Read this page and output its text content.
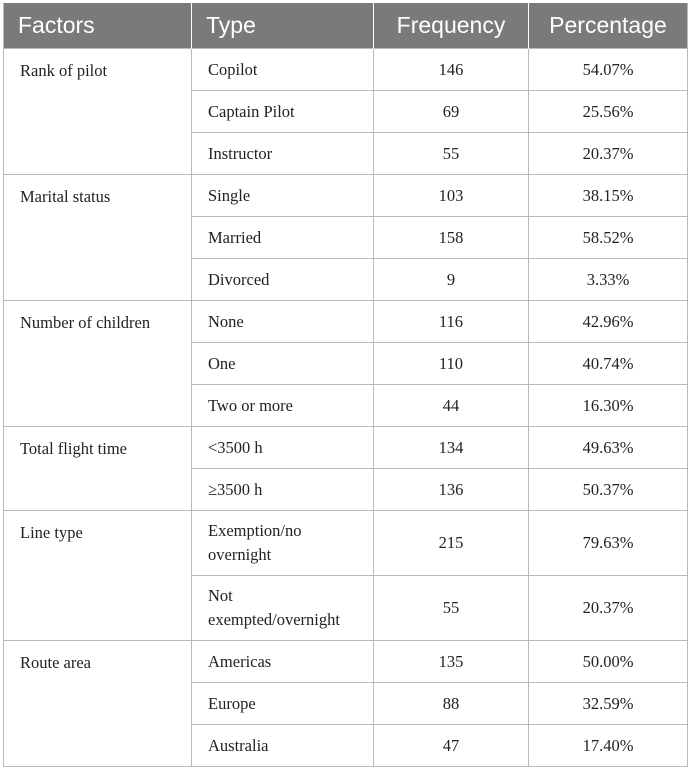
Factors	Type	Frequency	Percentage
Rank of pilot	Copilot	146	54.07%
	Captain Pilot	69	25.56%
	Instructor	55	20.37%
Marital status	Single	103	38.15%
	Married	158	58.52%
	Divorced	9	3.33%
Number of children	None	116	42.96%
	One	110	40.74%
	Two or more	44	16.30%
Total flight time	<3500 h	134	49.63%
	≥3500 h	136	50.37%
Line type	Exemption/no overnight	215	79.63%
	Not exempted/overnight	55	20.37%
Route area	Americas	135	50.00%
	Europe	88	32.59%
	Australia	47	17.40%
